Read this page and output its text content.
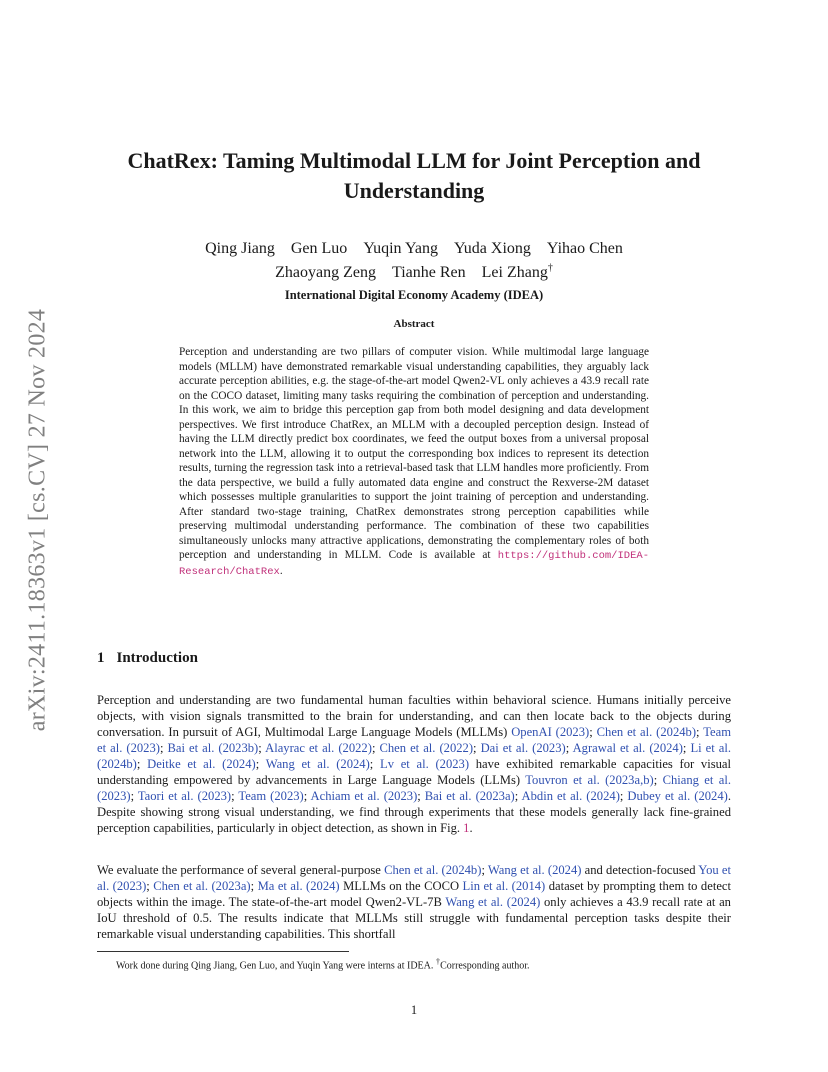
arXiv:2411.18363v1 [cs.CV] 27 Nov 2024
ChatRex: Taming Multimodal LLM for Joint Perception and Understanding

Qing Jiang Gen Luo Yuqin Yang Yuda Xiong Yihao Chen

Zhaoyang Zeng Tianhe Ren Lei Zhang†

International Digital Economy Academy (IDEA)
Abstract

Perception and understanding are two pillars of computer vision. While multimodal large language models (MLLM) have demonstrated remarkable visual understanding capabilities, they arguably lack accurate perception abilities, e.g. the stage-of-the-art model Qwen2-VL only achieves a 43.9 recall rate on the COCO dataset, limiting many tasks requiring the combination of perception and understanding. In this work, we aim to bridge this perception gap from both model designing and data development perspectives. We first introduce ChatRex, an MLLM with a decoupled perception design. Instead of having the LLM directly predict box coordinates, we feed the output boxes from a universal proposal network into the LLM, allowing it to output the corresponding box indices to represent its detection results, turning the regression task into a retrieval-based task that LLM handles more proficiently. From the data perspective, we build a fully automated data engine and construct the Rexverse-2M dataset which possesses multiple granularities to support the joint training of perception and understanding. After standard two-stage training, ChatRex demonstrates strong perception capabilities while preserving multimodal understanding performance. The combination of these two capabilities simultaneously unlocks many attractive applications, demonstrating the complementary roles of both perception and understanding in MLLM. Code is available at https://github.com/IDEA-Research/ChatRex.

1 Introduction

Perception and understanding are two fundamental human faculties within behavioral science. Humans initially perceive objects, with vision signals transmitted to the brain for understanding, and can then locate back to the objects during conversation. In pursuit of AGI, Multimodal Large Language Models (MLLMs) OpenAI (2023); Chen et al. (2024b); Team et al. (2023); Bai et al. (2023b); Alayrac et al. (2022); Chen et al. (2022); Dai et al. (2023); Agrawal et al. (2024); Li et al. (2024b); Deitke et al. (2024); Wang et al. (2024); Lv et al. (2023) have exhibited remarkable capacities for visual understanding empowered by advancements in Large Language Models (LLMs) Touvron et al. (2023a,b); Chiang et al. (2023); Taori et al. (2023); Team (2023); Achiam et al. (2023); Bai et al. (2023a); Abdin et al. (2024); Dubey et al. (2024). Despite showing strong visual understanding, we find through experiments that these models generally lack fine-grained perception capabilities, particularly in object detection, as shown in Fig. 1.

We evaluate the performance of several general-purpose Chen et al. (2024b); Wang et al. (2024) and detection-focused You et al. (2023); Chen et al. (2023a); Ma et al. (2024) MLLMs on the COCO Lin et al. (2014) dataset by prompting them to detect objects within the image. The state-of-the-art model Qwen2-VL-7B Wang et al. (2024) only achieves a 43.9 recall rate at an IoU threshold of 0.5. The results indicate that MLLMs still struggle with fundamental perception tasks despite their remarkable visual understanding capabilities. This shortfall

Work done during Qing Jiang, Gen Luo, and Yuqin Yang were interns at IDEA. †Corresponding author.

1
